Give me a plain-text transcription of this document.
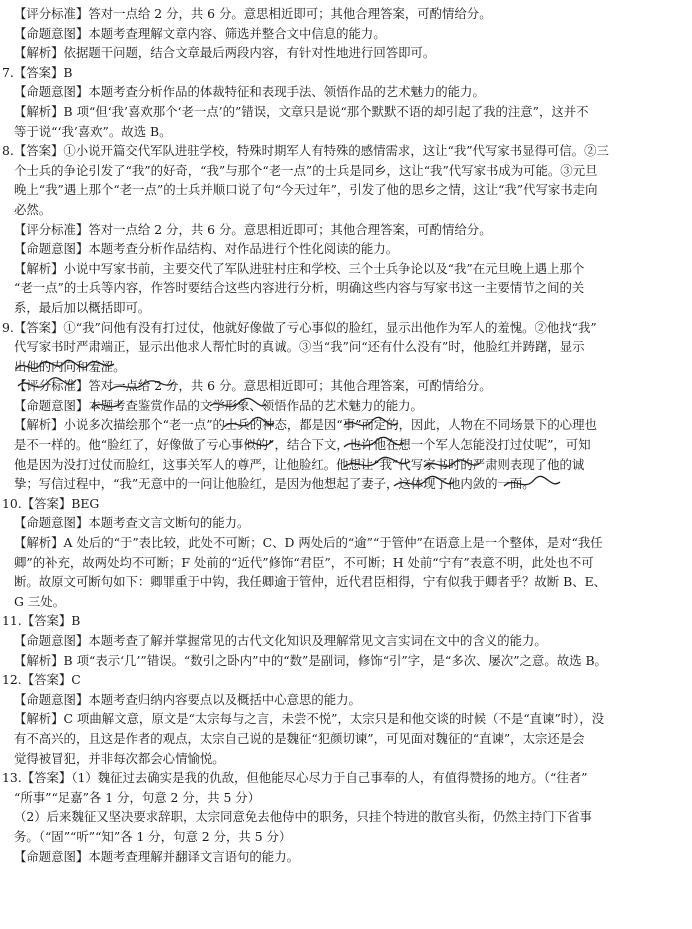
【评分标准】答对一点给 2 分，共 6 分。意思相近即可；其他合理答案，可酌情给分。
【命题意图】本题考查理解文章内容、筛选并整合文中信息的能力。
【解析】依据题干问题，结合文章最后两段内容，有针对性地进行回答即可。
7.【答案】B
【命题意图】本题考查分析作品的体裁特征和表现手法、领悟作品的艺术魅力的能力。
【解析】B 项“但‘我’喜欢那个‘老一点’的”错误，文章只是说“那个默默不语的却引起了我的注意”，这并不
等于说“‘我’喜欢”。故选 B。
8.【答案】①小说开篇交代军队进驻学校，特殊时期军人有特殊的感情需求，这让“我”代写家书显得可信。②三
个士兵的争论引发了“我”的好奇，“我”与那个“老一点”的士兵是同乡，这让“我”代写家书成为可能。③元旦
晚上“我”遇上那个“老一点”的士兵并顺口说了句“今天过年”，引发了他的思乡之情，这让“我”代写家书走向
必然。
【评分标准】答对一点给 2 分，共 6 分。意思相近即可；其他合理答案，可酌情给分。
【命题意图】本题考查分析作品结构、对作品进行个性化阅读的能力。
【解析】小说中写家书前，主要交代了军队进驻村庄和学校、三个士兵争论以及“我”在元旦晚上遇上那个
“老一点”的士兵等内容，作答时要结合这些内容进行分析，明确这些内容与写家书这一主要情节之间的关
系，最后加以概括即可。
9.【答案】①“我”问他有没有打过仗，他就好像做了亏心事似的脸红，显示出他作为军人的羞愧。②他找“我”
代写家书时严肃端正，显示出他求人帮忙时的真诚。③当“我”问“还有什么没有”时，他脸红并踌躇，显示
出他的内向和羞涩。
【评分标准】答对一点给 2 分，共 6 分。意思相近即可；其他合理答案，可酌情给分。
【命题意图】本题考查鉴赏作品的文学形象、领悟作品的艺术魅力的能力。
【解析】小说多次描绘那个“老一点”的士兵的神态，都是因“事”而定的，因此，人物在不同场景下的心理也
是不一样的。他“脸红了，好像做了亏心事似的”，结合下文，也许他在想一个军人怎能没打过仗呢”，可知
他是因为没打过仗而脸红，这事关军人的尊严，让他脸红。他想让“我”代写家书时的严肃则表现了他的诚
挚；写信过程中，“我”无意中的一问让他脸红，是因为他想起了妻子，这体现了他内敛的一面。
10.【答案】BEG
【命题意图】本题考查文言文断句的能力。
【解析】A 处后的“于”表比较，此处不可断；C、D 两处后的“逾”“于管仲”在语意上是一个整体，是对“我任
卿”的补充，故两处均不可断；F 处前的“近代”修饰“君臣”，不可断；H 处前“宁有”表意不明，此处也不可
断。故原文可断句如下：卿罪重于中钩，我任卿逾于管仲，近代君臣相得，宁有似我于卿者乎？故断 B、E、
G 三处。
11.【答案】B
【命题意图】本题考查了解并掌握常见的古代文化知识及理解常见文言实词在文中的含义的能力。
【解析】B 项“表示‘几’”错误。“数引之卧内”中的“数”是副词，修饰“引”字，是“多次、屡次”之意。故选 B。
12.【答案】C
【命题意图】本题考查归纳内容要点以及概括中心意思的能力。
【解析】C 项曲解文意，原文是“太宗每与之言，未尝不悦”，太宗只是和他交谈的时候（不是“直谏”时），没
有不高兴的，且这是作者的观点，太宗自己说的是魏征“犯颜切谏”，可见面对魏征的“直谏”，太宗还是会
觉得被冒犯，并非每次都会心情愉悦。
13.【答案】（1）魏征过去确实是我的仇敌，但他能尽心尽力于自己事奉的人，有值得赞扬的地方。（“往者”
“所事”“足嘉”各 1 分，句意 2 分，共 5 分）
（2）后来魏征又坚决要求辞职，太宗同意免去他侍中的职务，只挂个特进的散官头衔，仍然主持门下省事
务。（“固”“听”“知”各 1 分，句意 2 分，共 5 分）
【命题意图】本题考查理解并翻译文言语句的能力。
